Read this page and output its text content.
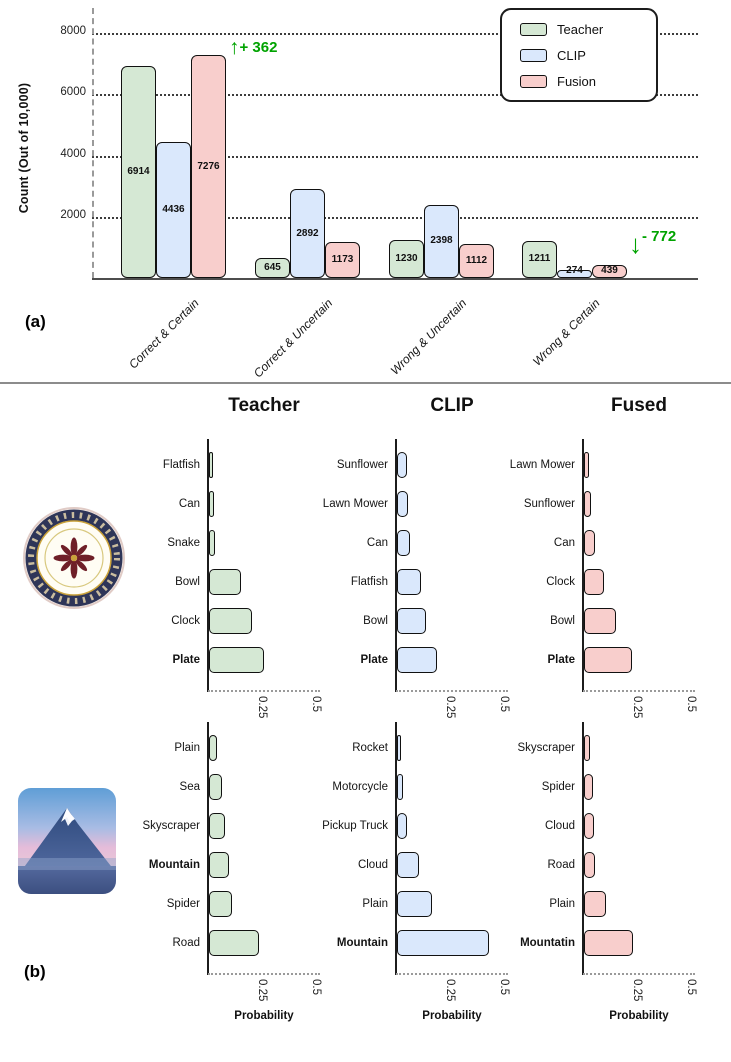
Count (Out of 10,000)
2000
4000
6000
8000
6914
645
1230	1211
4436
2892
2398
274
7276
1173	1112
439
Correct & Certain	Correct & Uncertain	Wrong & Uncertain	Wrong & Certain
Teacher
CLIP
Fusion
↑ + 362
↓ - 772
(a)
Teacher
Probability
CLIP
Probability
Fused
Probability
Flatfish
Can
Snake
Bowl
Clock
Plate
0.25	0.5
Sunflower
Lawn Mower
Can
Flatfish
Bowl
Plate
0.25	0.5
Lawn Mower
Sunflower
Can
Clock
Bowl
Plate
0.25	0.5
Plain
Sea
Skyscraper
Mountain
Spider
Road
0.25	0.5
Rocket
Motorcycle
Pickup Truck
Cloud
Plain
Mountain
0.25	0.5
Skyscraper
Spider
Cloud
Road
Plain
Mountatin
0.25	0.5
(b)
